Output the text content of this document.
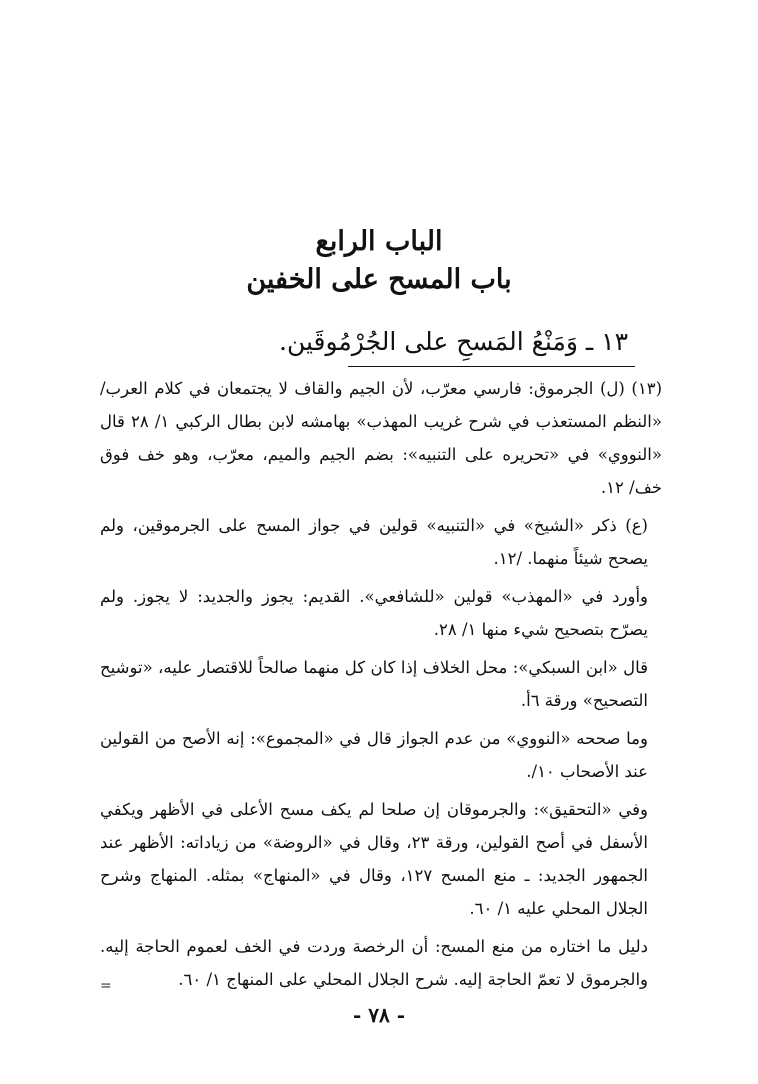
الباب الرابع
باب المسح على الخفين
١٣ ـ وَمَنْعُ المَسحِ على الجُرْمُوقَين.

(١٣) (ل) الجرموق: فارسي معرّب، لأن الجيم والقاف لا يجتمعان في كلام العرب/ «النظم المستعذب في شرح غريب المهذب» بهامشه لابن بطال الركبي ١/ ٢٨ قال «النووي» في «تحريره على التنبيه»: بضم الجيم والميم، معرّب، وهو خف فوق خف/ ١٢.

(ع) ذكر «الشيخ» في «التنبيه» قولين في جواز المسح على الجرموقين، ولم يصحح شيئاً منهما. /١٢.

وأورد في «المهذب» قولين «للشافعي». القديم: يجوز والجديد: لا يجوز. ولم يصرّح بتصحيح شيء منها ١/ ٢٨.

قال «ابن السبكي»: محل الخلاف إذا كان كل منهما صالحاً للاقتصار عليه، «توشيح التصحيح» ورقة ٦أ.

وما صححه «النووي» من عدم الجواز قال في «المجموع»: إنه الأصح من القولين عند الأصحاب ١٠/.

وفي «التحقيق»: والجرموقان إن صلحا لم يكف مسح الأعلى في الأظهر ويكفي الأسفل في أصح القولين، ورقة ٢٣، وقال في «الروضة» من زياداته: الأظهر عند الجمهور الجديد: ـ منع المسح ١٢٧، وقال في «المنهاج» بمثله. المنهاج وشرح الجلال المحلي عليه ١/ ٦٠.

دليل ما اختاره من منع المسح: أن الرخصة وردت في الخف لعموم الحاجة إليه. والجرموق لا تعمّ الحاجة إليه. شرح الجلال المحلي على المنهاج ١/ ٦٠.

=
- ٧٨ -
